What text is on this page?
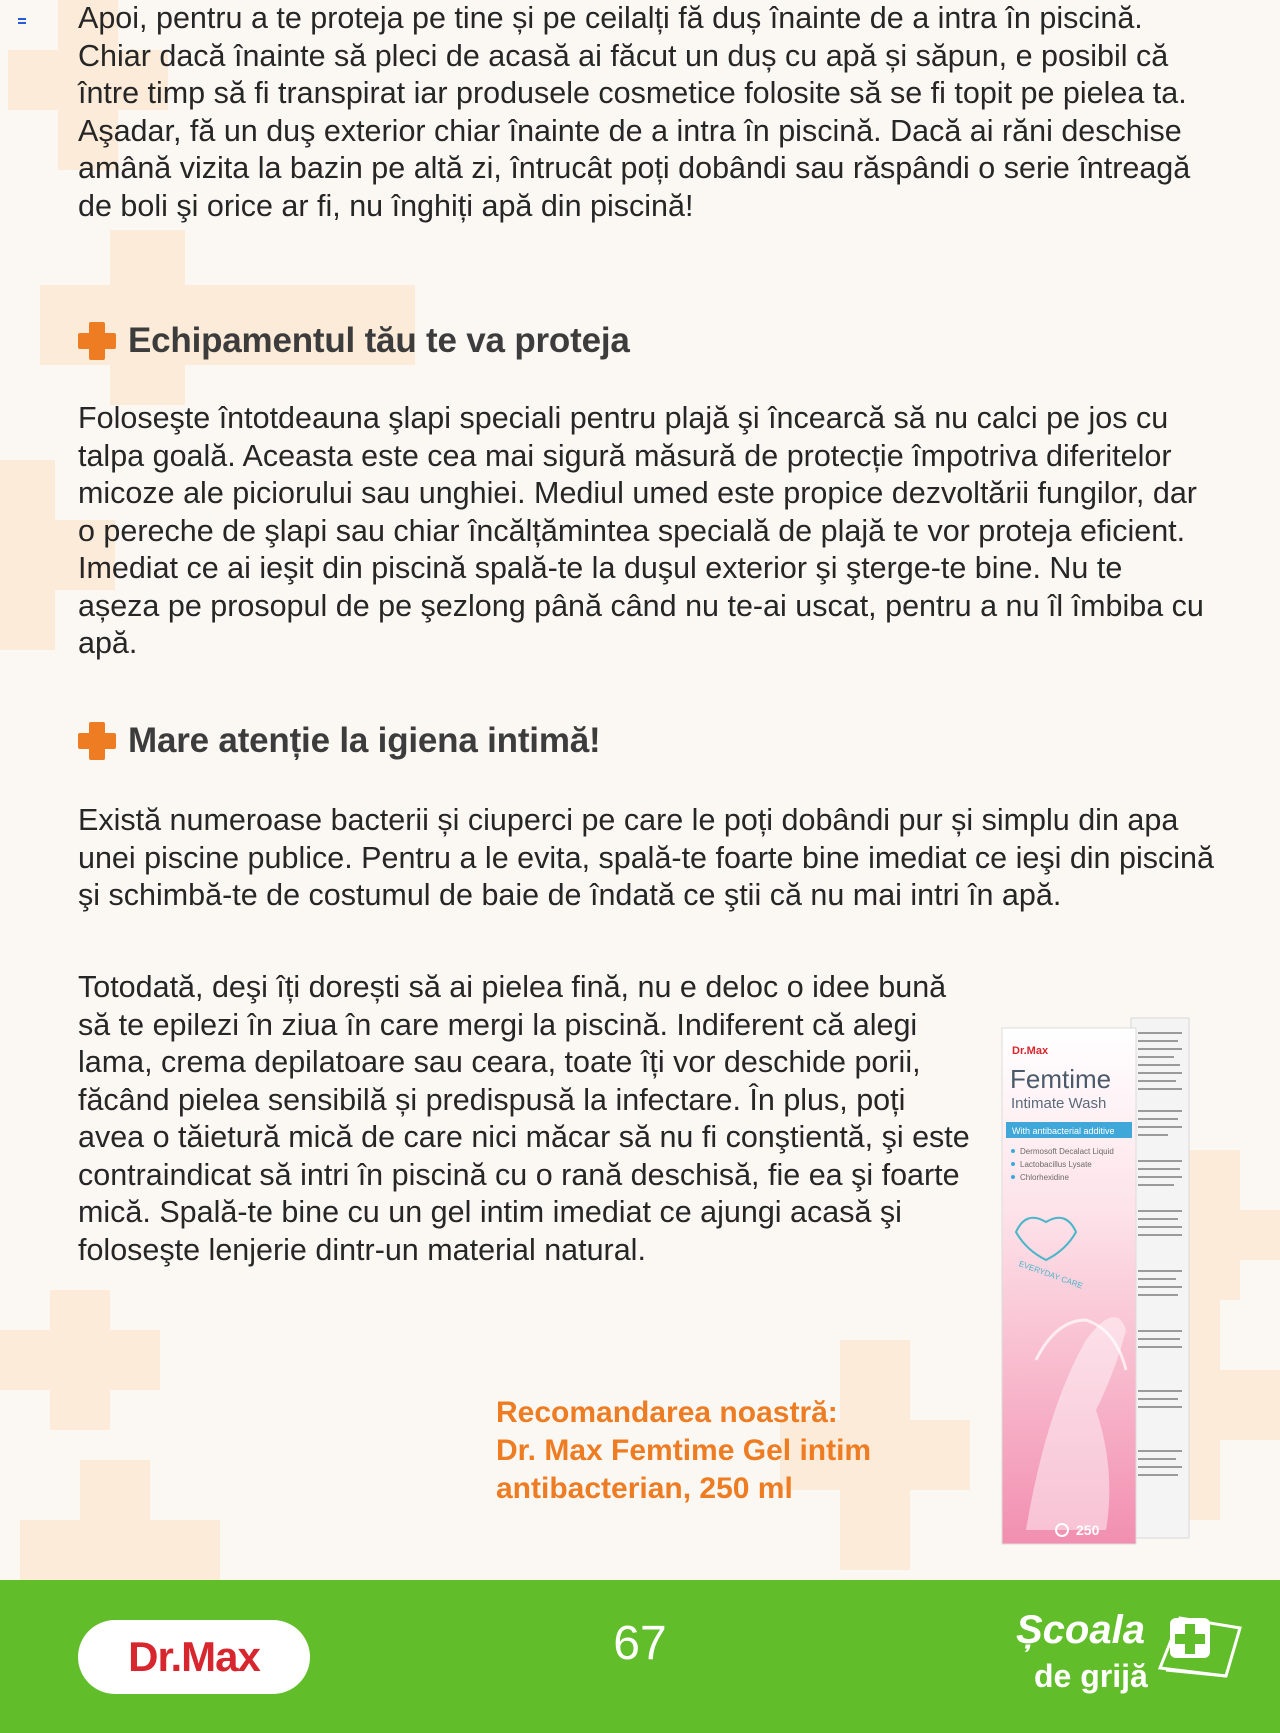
Apoi, pentru a te proteja pe tine și pe ceilalți fă duș înainte de a intra în piscină. Chiar dacă înainte să pleci de acasă ai făcut un duș cu apă și săpun, e posibil că între timp să fi transpirat iar produsele cosmetice folosite să se fi topit pe pielea ta. Aşadar, fă un duş exterior chiar înainte de a intra în piscină. Dacă ai răni deschise amână vizita la bazin pe altă zi, întrucât poți dobândi sau răspândi o serie întreagă de boli şi orice ar fi, nu înghiți apă din piscină!

Echipamentul tău te va proteja

Foloseşte întotdeauna şlapi speciali pentru plajă şi încearcă să nu calci pe jos cu talpa goală. Aceasta este cea mai sigură măsură de protecție împotriva diferitelor micoze ale piciorului sau unghiei. Mediul umed este propice dezvoltării fungilor, dar o pereche de şlapi sau chiar încălțămintea specială de plajă te vor proteja eficient. Imediat ce ai ieşit din piscină spală-te la duşul exterior şi şterge-te bine. Nu te așeza pe prosopul de pe şezlong până când nu te-ai uscat, pentru a nu îl îmbiba cu apă.

Mare atenție la igiena intimă!

Există numeroase bacterii și ciuperci pe care le poți dobândi pur și simplu din apa unei piscine publice. Pentru a le evita, spală-te foarte bine imediat ce ieşi din piscină şi schimbă-te de costumul de baie de îndată ce ştii că nu mai intri în apă.

Totodată, deşi îți dorești să ai pielea fină, nu e deloc o idee bună să te epilezi în ziua în care mergi la piscină. Indiferent că alegi lama, crema depilatoare sau ceara, toate îți vor deschide porii, făcând pielea sensibilă și predispusă la infectare. În plus, poți avea o tăietură mică de care nici măcar să nu fi conştientă, şi este contraindicat să intri în piscină cu o rană deschisă, fie ea şi foarte mică. Spală-te bine cu un gel intim imediat ce ajungi acasă şi foloseşte lenjerie dintr-un material natural.

Recomandarea noastră:
Dr. Max Femtime Gel intim
antibacterian, 250 ml
Dr.Max
Femtime
Intimate Wash
With antibacterial additive
Dermosoft Decalact Liquid
Lactobacillus Lysate
Chlorhexidine
EVERYDAY CARE
250
Dr.Max	67	Școala
de grijă
